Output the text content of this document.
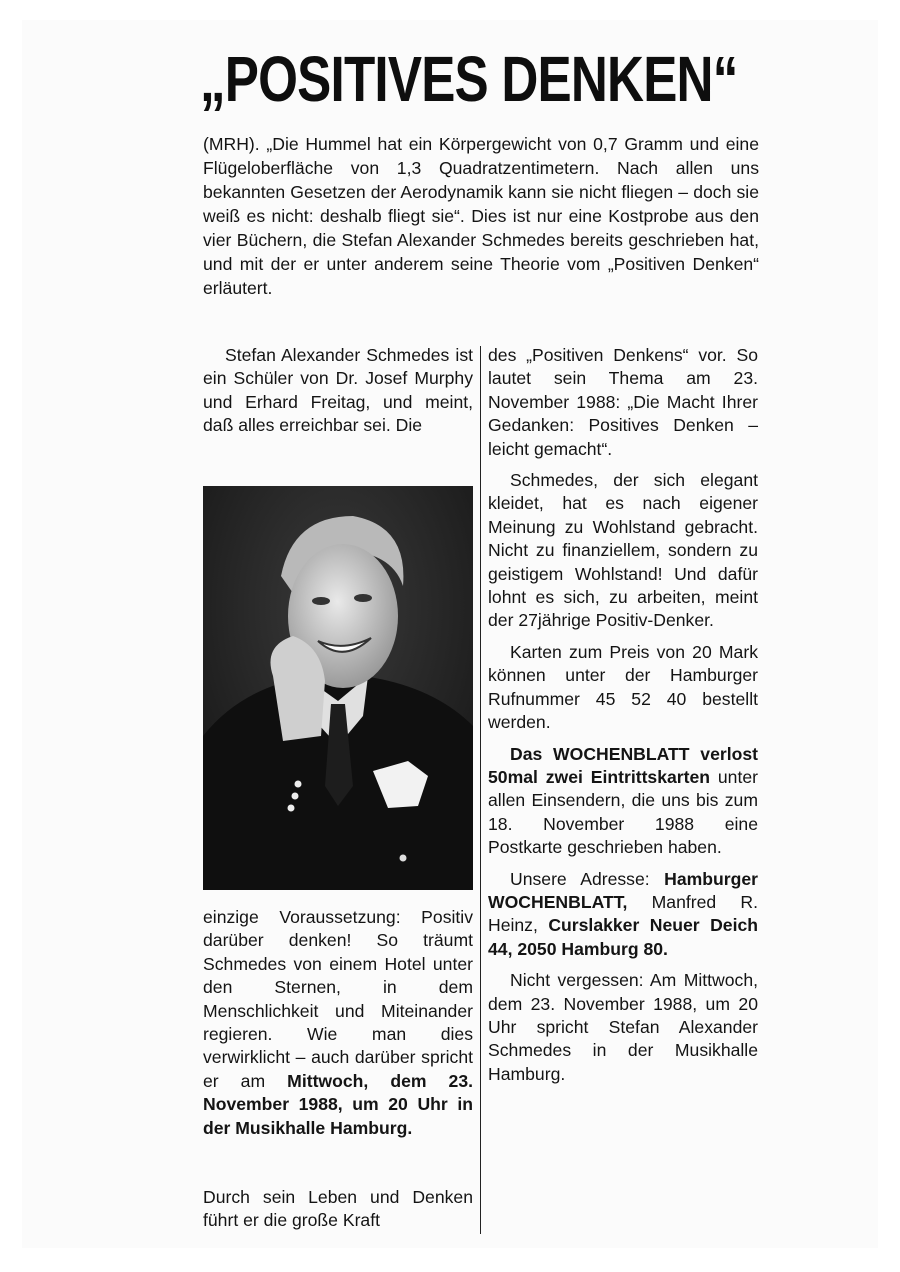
„POSITIVES DENKEN“
(MRH). „Die Hummel hat ein Körpergewicht von 0,7 Gramm und eine Flügeloberfläche von 1,3 Quadratzentimetern. Nach allen uns bekannten Gesetzen der Aerodynamik kann sie nicht fliegen – doch sie weiß es nicht: deshalb fliegt sie“. Dies ist nur eine Kostprobe aus den vier Büchern, die Stefan Alexander Schmedes bereits geschrieben hat, und mit der er unter anderem seine Theorie vom „Positiven Denken“ erläutert.

Stefan Alexander Schmedes ist ein Schüler von Dr. Josef Murphy und Erhard Freitag, und meint, daß alles erreichbar sei. Die

einzige Voraussetzung: Positiv darüber denken! So träumt Schmedes von einem Hotel unter den Sternen, in dem Menschlichkeit und Miteinander regieren. Wie man dies verwirklicht – auch darüber spricht er am Mittwoch, dem 23. November 1988, um 20 Uhr in der Musikhalle Hamburg.

Durch sein Leben und Denken führt er die große Kraft

des „Positiven Denkens“ vor. So lautet sein Thema am 23. November 1988: „Die Macht Ihrer Gedanken: Positives Denken – leicht gemacht“.

Schmedes, der sich elegant kleidet, hat es nach eigener Meinung zu Wohlstand gebracht. Nicht zu finanziellem, sondern zu geistigem Wohlstand! Und dafür lohnt es sich, zu arbeiten, meint der 27jährige Positiv-Denker.

Karten zum Preis von 20 Mark können unter der Hamburger Rufnummer 45 52 40 bestellt werden.

Das WOCHENBLATT verlost 50mal zwei Eintrittskarten unter allen Einsendern, die uns bis zum 18. November 1988 eine Postkarte geschrieben haben.

Unsere Adresse: Hamburger WOCHENBLATT, Manfred R. Heinz, Curslakker Neuer Deich 44, 2050 Hamburg 80.

Nicht vergessen: Am Mittwoch, dem 23. November 1988, um 20 Uhr spricht Stefan Alexander Schmedes in der Musikhalle Hamburg.
